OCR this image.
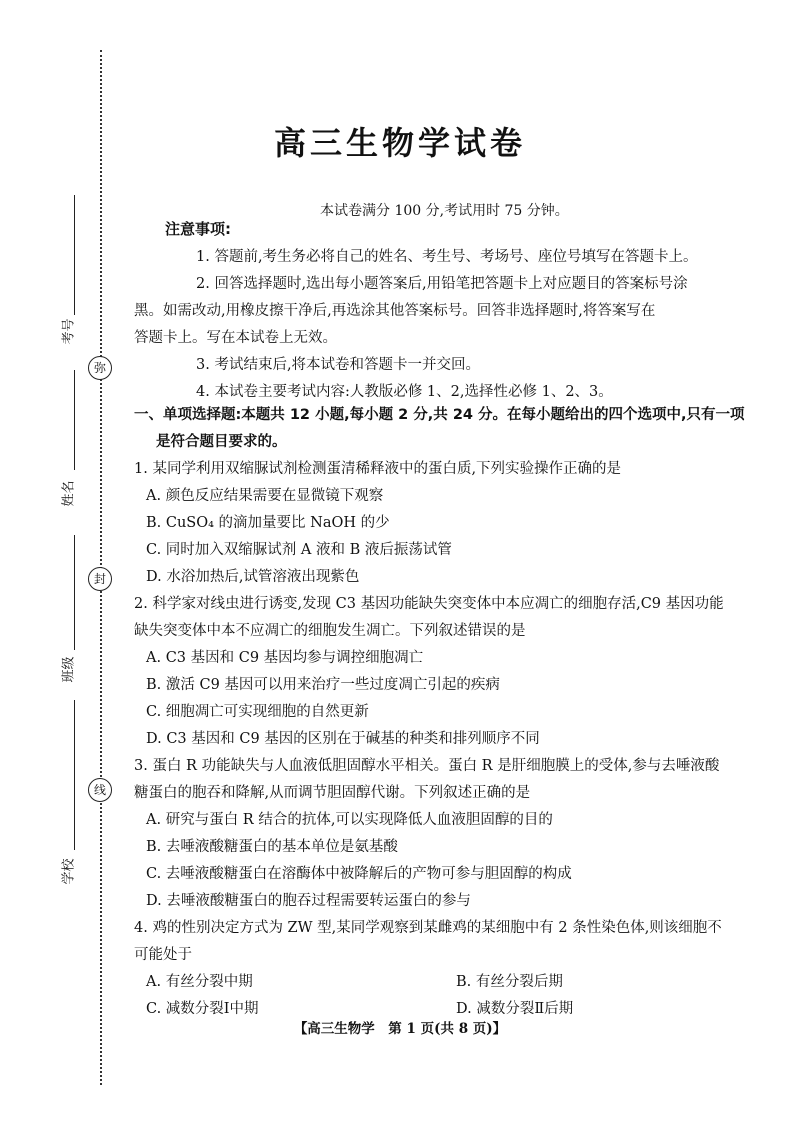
考号
姓名
班级
学校
弥
封
线
高三生物学试卷
本试卷满分 100 分,考试用时 75 分钟。
注意事项:

1. 答题前,考生务必将自己的姓名、考生号、考场号、座位号填写在答题卡上。

2. 回答选择题时,选出每小题答案后,用铅笔把答题卡上对应题目的答案标号涂

黑。如需改动,用橡皮擦干净后,再选涂其他答案标号。回答非选择题时,将答案写在

答题卡上。写在本试卷上无效。

3. 考试结束后,将本试卷和答题卡一并交回。

4. 本试卷主要考试内容:人教版必修 1、2,选择性必修 1、2、3。

一、单项选择题:本题共 12 小题,每小题 2 分,共 24 分。在每小题给出的四个选项中,只有一项
是符合题目要求的。
1. 某同学利用双缩脲试剂检测蛋清稀释液中的蛋白质,下列实验操作正确的是
A. 颜色反应结果需要在显微镜下观察
B. CuSO₄ 的滴加量要比 NaOH 的少
C. 同时加入双缩脲试剂 A 液和 B 液后振荡试管
D. 水浴加热后,试管溶液出现紫色
2. 科学家对线虫进行诱变,发现 C3 基因功能缺失突变体中本应凋亡的细胞存活,C9 基因功能
缺失突变体中本不应凋亡的细胞发生凋亡。下列叙述错误的是
A. C3 基因和 C9 基因均参与调控细胞凋亡
B. 激活 C9 基因可以用来治疗一些过度凋亡引起的疾病
C. 细胞凋亡可实现细胞的自然更新
D. C3 基因和 C9 基因的区别在于碱基的种类和排列顺序不同
3. 蛋白 R 功能缺失与人血液低胆固醇水平相关。蛋白 R 是肝细胞膜上的受体,参与去唾液酸
糖蛋白的胞吞和降解,从而调节胆固醇代谢。下列叙述正确的是
A. 研究与蛋白 R 结合的抗体,可以实现降低人血液胆固醇的目的
B. 去唾液酸糖蛋白的基本单位是氨基酸
C. 去唾液酸糖蛋白在溶酶体中被降解后的产物可参与胆固醇的构成
D. 去唾液酸糖蛋白的胞吞过程需要转运蛋白的参与
4. 鸡的性别决定方式为 ZW 型,某同学观察到某雌鸡的某细胞中有 2 条性染色体,则该细胞不
可能处于
A. 有丝分裂中期	B. 有丝分裂后期
C. 减数分裂Ⅰ中期	D. 减数分裂Ⅱ后期
【高三生物学　第 1 页(共 8 页)】
